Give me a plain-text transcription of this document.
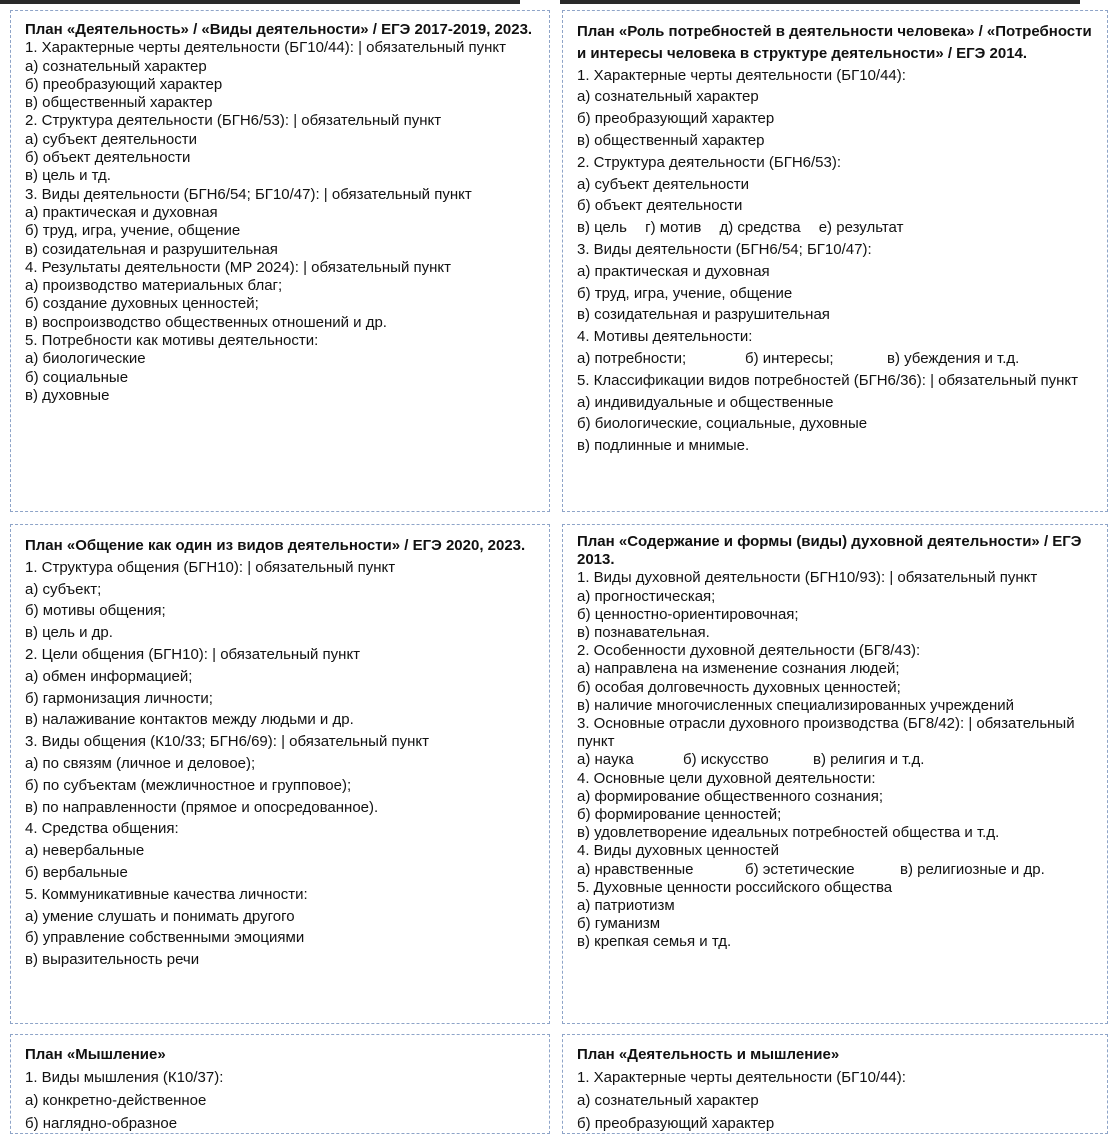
План «Деятельность» / «Виды деятельности» / ЕГЭ 2017-2019, 2023.

1. Характерные черты деятельности (БГ10/44): | обязательный пункт

а) сознательный характер

б) преобразующий характер

в) общественный характер

2. Структура деятельности (БГН6/53): | обязательный пункт

а) субъект деятельности

б) объект деятельности

в) цель и тд.

3. Виды деятельности (БГН6/54; БГ10/47): | обязательный пункт

а) практическая и духовная

б) труд, игра, учение, общение

в) созидательная и разрушительная

4. Результаты деятельности (МР 2024): | обязательный пункт

а) производство материальных благ;

б) создание духовных ценностей;

в) воспроизводство общественных отношений и др.

5. Потребности как мотивы деятельности:

а) биологические

б) социальные

в) духовные

План «Роль потребностей в деятельности человека» / «Потребности и интересы человека в структуре деятельности» / ЕГЭ 2014.

1. Характерные черты деятельности (БГ10/44):

а) сознательный характер

б) преобразующий характер

в) общественный характер

2. Структура деятельности (БГН6/53):

а) субъект деятельности

б) объект деятельности

в) цель г) мотив д) средства е) результат

3. Виды деятельности (БГН6/54; БГ10/47):

а) практическая и духовная

б) труд, игра, учение, общение

в) созидательная и разрушительная

4. Мотивы деятельности:

а) потребности;	б) интересы;	в) убеждения и т.д.

5. Классификации видов потребностей (БГН6/36): | обязательный пункт

а) индивидуальные и общественные

б) биологические, социальные, духовные

в) подлинные и мнимые.

План «Общение как один из видов деятельности» / ЕГЭ 2020, 2023.

1. Структура общения (БГН10): | обязательный пункт

а) субъект;

б) мотивы общения;

в) цель и др.

2. Цели общения (БГН10): | обязательный пункт

а) обмен информацией;

б) гармонизация личности;

в) налаживание контактов между людьми и др.

3. Виды общения (К10/33; БГН6/69): | обязательный пункт

а) по связям (личное и деловое);

б) по субъектам (межличностное и групповое);

в) по направленности (прямое и опосредованное).

4. Средства общения:

а) невербальные

б) вербальные

5. Коммуникативные качества личности:

а) умение слушать и понимать другого

б) управление собственными эмоциями

в) выразительность речи

План «Содержание и формы (виды) духовной деятельности» / ЕГЭ 2013.

1. Виды духовной деятельности (БГН10/93): | обязательный пункт

а) прогностическая;

б) ценностно-ориентировочная;

в) познавательная.

2. Особенности духовной деятельности (БГ8/43):

а) направлена на изменение сознания людей;

б) особая долговечность духовных ценностей;

в) наличие многочисленных специализированных учреждений

3. Основные отрасли духовного производства (БГ8/42): | обязательный пункт

а) наука	б) искусство	в) религия и т.д.

4. Основные цели духовной деятельности:

а) формирование общественного сознания;

б) формирование ценностей;

в) удовлетворение идеальных потребностей общества и т.д.

4. Виды духовных ценностей

а) нравственные	б) эстетические	в) религиозные и др.

5. Духовные ценности российского общества

а) патриотизм

б) гуманизм

в) крепкая семья и тд.

План «Мышление»

1. Виды мышления (К10/37):

а) конкретно-действенное

б) наглядно-образное

План «Деятельность и мышление»

1. Характерные черты деятельности (БГ10/44):

а) сознательный характер

б) преобразующий характер
